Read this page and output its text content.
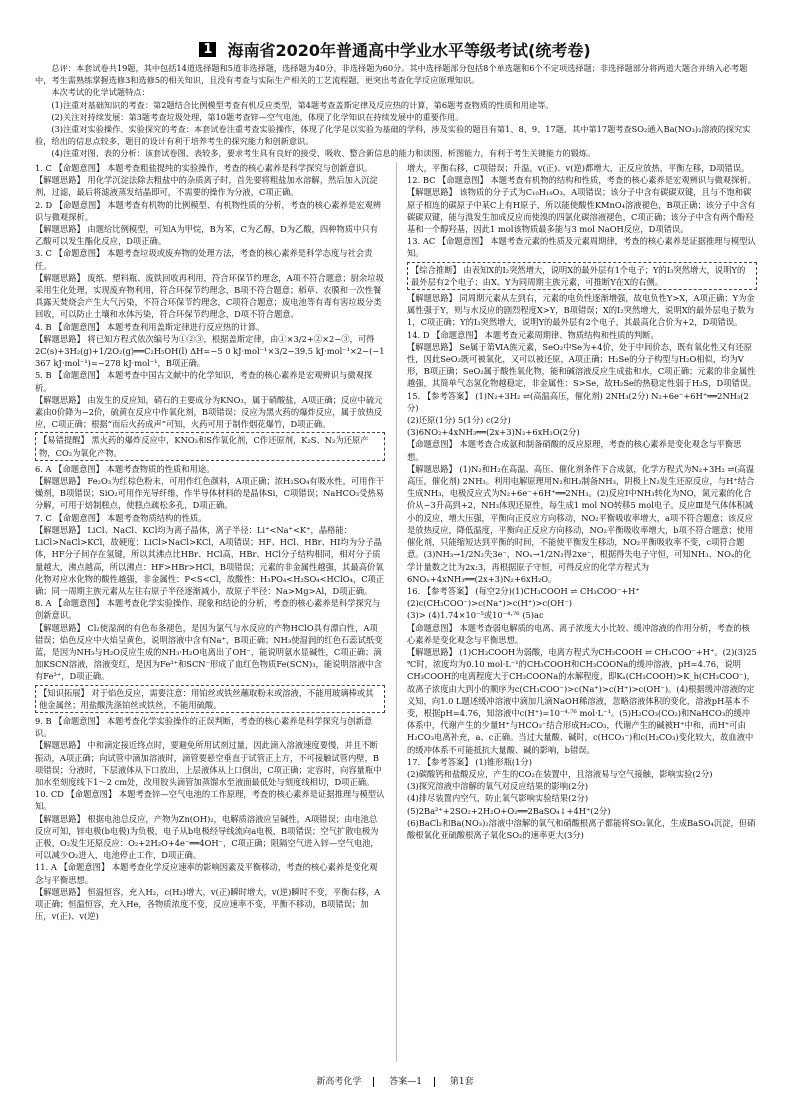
1 海南省2020年普通高中学业水平等级考试(统考卷)

总评：本套试卷共19题，其中包括14道选择题和5道非选择题，选择题为40分，非选择题为60分。其中选择题部分包括8个单选题和6个不定项选择题；非选择题部分将两道大题合并纳入必考题中，考生需熟练掌握选修3和选修5的相关知识，且没有考查与实际生产相关的工艺流程题，更突出考查化学反应原理知识。

本次考试的化学试题特点：

(1)注重对基础知识的考查：第2题结合比例模型考查有机反应类型，第4题考查盖斯定律及反应热的计算，第6题考查物质的性质和用途等。

(2)关注对持续发展：第3题考查垃圾处理，第10题考查锌—空气电池，体现了化学知识在持续发展中的重要作用。

(3)注重对实验操作、实验探究的考查：本套试卷注重考查实验操作，体现了化学是以实验为基础的学科，涉及实验的题目有第1、8、9、17题，其中第17题考查SO₂通入Ba(NO₃)₂溶液的探究实验，给出的信息点较多，题目的设计有利于培养考生的探究能力和创新意识。

(4)注重对图、表的分析：该套试卷图、表较多，要求考生具有良好的接受、吸收、整合新信息的能力和读图、析图能力，有利于考生关键能力的锻炼。

1. C 【命题意图】 本题考查粗盐提纯的实验操作，考查的核心素养是科学探究与创新意识。

【解题思路】 用化学沉淀法除去粗盐中的杂质离子时，首先要将粗盐加水溶解，然后加入沉淀剂，过滤，最后将滤液蒸发结晶即可，不需要的操作为分液，C项正确。

2. D 【命题意图】 本题考查有机物的比例模型、有机物性质的分析，考查的核心素养是宏观辨识与微观探析。

【解题思路】 由题给比例模型，可知A为甲烷，B为苯，C为乙醇，D为乙酸，四种物质中只有乙酸可以发生酯化反应，D项正确。

3. C 【命题意图】 本题考查垃圾或废弃物的处理方法，考查的核心素养是科学态度与社会责任。

【解题思路】 废纸、塑料瓶、废铁回收再利用，符合环保节约理念，A项不符合题意；厨余垃圾采用生化处理，实现废弃物利用，符合环保节约理念，B项不符合题意；稻草、农膜和一次性餐具露天焚烧会产生大气污染，不符合环保节约理念，C项符合题意；废电池等有毒有害垃圾分类回收，可以防止土壤和水体污染，符合环保节约理念，D项不符合题意。

4. B 【命题意图】 本题考查利用盖斯定律进行反应热的计算。

【解题思路】 将已知方程式依次编号为①②③，根据盖斯定律，由①×3/2+②×2−③，可得2C(s)+3H₂(g)+1/2O₂(g)══C₂H₅OH(l) ΔH=−5 0 kJ·mol⁻¹×3/2−39.5 kJ·mol⁻¹×2−(−1 367 kJ·mol⁻¹)=−278 kJ·mol⁻¹，B项正确。

5. B 【命题意图】 本题考查中国古文献中的化学知识，考查的核心素养是宏观辨识与微观探析。

【解题思路】 由发生的反应知，硝石的主要成分为KNO₃，属于硝酸盐，A项正确；反应中硫元素由0价降为−2价，硫黄在反应中作氧化剂，B项错误；反应为黑火药的爆炸反应，属于放热反应，C项正确；根据“而后火药成声”可知，火药可用于制作烟花爆竹，D项正确。

【易错提醒】 黑火药的爆炸反应中，KNO₃和S作氧化剂，C作还原剂，K₂S、N₂为还原产物，CO₂为氧化产物。

6. A 【命题意图】 本题考查物质的性质和用途。

【解题思路】 Fe₂O₃为红棕色粉末，可用作红色颜料，A项正确；浓H₂SO₄有吸水性，可用作干燥剂，B项错误；SiO₂可用作光导纤维，作半导体材料的是晶体Si，C项错误；NaHCO₃受热易分解，可用于焙制糕点，使糕点疏松多孔，D项正确。

7. C 【命题意图】 本题考查物质结构的性质。

【解题思路】 LiCl、NaCl、KCl均为离子晶体，离子半径：Li⁺<Na⁺<K⁺，晶格能：LiCl>NaCl>KCl，故硬度：LiCl>NaCl>KCl，A项错误；HF、HCl、HBr、HI均为分子晶体，HF分子间存在氢键，所以其沸点比HBr、HCl高，HBr、HCl分子结构相同，相对分子质量越大，沸点越高，所以沸点：HF>HBr>HCl，B项错误；元素的非金属性越强，其最高价氧化物对应水化物的酸性越强，非金属性：P<S<Cl，故酸性：H₃PO₄<H₂SO₄<HClO₄，C项正确；同一周期主族元素从左往右原子半径逐渐减小，故原子半径：Na>Mg>Al，D项正确。

8. A 【命题意图】 本题考查化学实验操作、现象和结论的分析，考查的核心素养是科学探究与创新意识。

【解题思路】 Cl₂使湿润的有色布条褪色，是因为氯气与水反应的产物HClO具有漂白性，A项错误；焰色反应中火焰呈黄色，说明溶液中含有Na⁺，B项正确；NH₃使湿润的红色石蕊试纸变蓝，是因为NH₃与H₂O反应生成的NH₃·H₂O电离出了OH⁻，能说明氨水显碱性，C项正确；滴加KSCN溶液，溶液变红，是因为Fe³⁺和SCN⁻形成了血红色物质Fe(SCN)₃，能说明溶液中含有Fe³⁺，D项正确。

【知识拓展】 对于焰色反应，需要注意：用铂丝或铁丝蘸取粉末或溶液，不能用玻璃棒或其他金属丝；用盐酸洗涤铂丝或铁丝，不能用硫酸。

9. B 【命题意图】 本题考查化学实验操作的正误判断，考查的核心素养是科学探究与创新意识。

【解题思路】 中和滴定接近终点时，要避免所用试剂过量，因此滴入溶液速度要慢，并且不断振动，A项正确；向试管中滴加溶液时，滴管要悬空垂直于试管正上方，不可接触试管内壁，B项错误；分液时，下层液体从下口放出，上层液体从上口倒出，C项正确；定容时，向容量瓶中加水至刻度线下1～2 cm处，改用胶头滴管加蒸馏水至液面最低处与刻度线相切，D项正确。

10. CD 【命题意图】 本题考查锌—空气电池的工作原理，考查的核心素养是证据推理与模型认知。

【解题思路】 根据电池总反应，产物为Zn(OH)₂，电解质溶液应呈碱性，A项错误；由电池总反应可知，锌电极(b电极)为负极，电子从b电极经导线流向a电极，B项错误；空气扩散电极为正极，O₂发生还原反应：O₂+2H₂O+4e⁻══4OH⁻，C项正确；阻隔空气进入锌—空气电池，可以减少O₂进入，电池停止工作，D项正确。

11. A 【命题意图】 本题考查化学反应速率的影响因素及平衡移动，考查的核心素养是变化观念与平衡思想。

【解题思路】 恒温恒容，充入H₂，c(H₂)增大，v(正)瞬时增大，v(逆)瞬时不变，平衡右移，A项正确；恒温恒容，充入He，各物质浓度不变，反应速率不变，平衡不移动，B项错误；加压，v(正)、v(逆)

增大，平衡右移，C项错误；升温，v(正)、v(逆)都增大，正反应放热，平衡左移，D项错误。

12. BC 【命题意图】 本题考查有机物的结构和性质，考查的核心素养是宏观辨识与微观探析。

【解题思路】 该物质的分子式为C₁₀H₁₈O₃，A项错误；该分子中含有碳碳双键，且与不饱和碳原子相连的碳原子中某C上有H原子，所以能使酸性KMnO₄溶液褪色，B项正确；该分子中含有碳碳双键，能与溴发生加成反应而使溴的四氯化碳溶液褪色，C项正确；该分子中含有两个酚羟基和一个醇羟基，因此1 mol该物质最多能与3 mol NaOH反应，D项错误。

13. AC 【命题意图】 本题考查元素的性质及元素周期律，考查的核心素养是证据推理与模型认知。

【综合推断】 由表知X的I₂突然增大，说明X的最外层有1个电子；Y的I₃突然增大，说明Y的最外层有2个电子；由X、Y为同周期主族元素，可推断Y在X的右侧。

【解题思路】 同周期元素从左到右，元素的电负性逐渐增强，故电负性Y>X，A项正确；Y为金属性强于Y，则与水反应的剧烈程度X>Y，B项错误；X的I₂突然增大，说明X的最外层电子数为1，C项正确；Y的I₃突然增大，说明Y的最外层有2个电子，其最高化合价为+2，D项错误。

14. D 【命题意图】 本题考查元素周期律、物质结构和性质的判断。

【解题思路】 Se属于第ⅥA族元素，SeO₂中Se为+4价，处于中间价态，既有氧化性又有还原性，因此SeO₂既可被氧化，又可以被还原，A项正确；H₂Se的分子构型与H₂O相似，均为V形，B项正确；SeO₂属于酸性氧化物，能和碱溶液反应生成盐和水，C项正确；元素的非金属性越强，其简单气态氢化物越稳定，非金属性：S>Se，故H₂Se的热稳定性弱于H₂S，D项错误。

15. 【参考答案】 (1)N₂+3H₂ ⇌(高温高压，催化剂) 2NH₃(2分) N₂+6e⁻+6H⁺══2NH₃(2分)

(2)还原(1分) 5(1分) c(2分)

(3)6NO₂+4xNH₃══(2x+3)N₂+6xH₂O(2分)

【命题意图】 本题考查合成氨和制备硝酸的反应原理，考查的核心素养是变化观念与平衡思想。

【解题思路】 (1)N₂和H₂在高温、高压、催化剂条件下合成氨，化学方程式为N₂+3H₂ ⇌(高温高压，催化剂) 2NH₃。利用电解原理用N₂和H₂制备NH₃，阴极上N₂发生还原反应，与H⁺结合生成NH₃，电极反应式为N₂+6e⁻+6H⁺══2NH₃。(2)反应Ⅰ中NH₃转化为NO，氮元素的化合价从−3升高到+2，NH₃体现还原性，每生成1 mol NO转移5 mol电子。反应Ⅲ是气体体积减小的反应，增大压强，平衡向正反应方向移动，NO₂平衡吸收率增大，a项不符合题意；该反应是放热反应，降低温度，平衡向正反应方向移动，NO₂平衡吸收率增大，b项不符合题意；使用催化剂，只能缩短达到平衡的时间，不能使平衡发生移动，NO₂平衡吸收率不变，c项符合题意。(3)NH₃→1/2N₂失3e⁻，NOₓ→1/2N₂得2xe⁻，根据得失电子守恒，可知NH₃、NOₓ的化学计量数之比为2x:3，再根据原子守恒，可得反应的化学方程式为6NOₓ+4xNH₃══(2x+3)N₂+6xH₂O。

16. 【参考答案】 (每空2分)(1)CH₃COOH ⇌ CH₃COO⁻+H⁺

(2)c(CH₃COO⁻)>c(Na⁺)>c(H⁺)>c(OH⁻)

(3)> (4)1.74×10⁻⁵或10⁻⁴·⁷⁶ (5)ac

【命题意图】 本题考查弱电解质的电离、离子浓度大小比较、缓冲溶液的作用分析，考查的核心素养是变化观念与平衡思想。

【解题思路】 (1)CH₃COOH为弱酸，电离方程式为CH₃COOH ⇌ CH₃COO⁻+H⁺。(2)(3)25 ℃时，浓度均为0.10 mol·L⁻¹的CH₃COOH和CH₃COONa的缓冲溶液，pH=4.76，说明CH₃COOH的电离程度大于CH₃COONa的水解程度，即Kₐ(CH₃COOH)>K_h(CH₃COO⁻)，故离子浓度由大到小的顺序为c(CH₃COO⁻)>c(Na⁺)>c(H⁺)>c(OH⁻)。(4)根据缓冲溶液的定义知，向1.0 L题述缓冲溶液中滴加几滴NaOH稀溶液，忽略溶液体积的变化，溶液pH基本不变，根据pH=4.76，知溶液中c(H⁺)=10⁻⁴·⁷⁶ mol·L⁻¹。(5)H₂CO₃(CO₂)和NaHCO₃的缓冲体系中，代谢产生的少量H⁺与HCO₃⁻结合形成H₂CO₃，代谢产生的碱被H⁺中和，而H⁺可由H₂CO₃电离补充，a、c正确。当过大量酸、碱时，c(HCO₃⁻)和c(H₂CO₃)变化较大，故血液中的缓冲体系不可能抵抗大量酸、碱的影响，b错误。

17. 【参考答案】 (1)锥形瓶(1分)

(2)碳酸钙和盐酸反应，产生的CO₂在装置中，且溶液易与空气接触，影响实验(2分)

(3)探究溶液中溶解的氧气对反应结果的影响(2分)

(4)排尽装置内空气，防止氧气影响实验结果(2分)

(5)2Ba²⁺+2SO₂+2H₂O+O₂══2BaSO₄↓+4H⁺(2分)

(6)BaCl₂和Ba(NO₃)₂溶液中溶解的氧气和硝酸根离子都能将SO₂氧化，生成BaSO₄沉淀，但硝酸根氧化亚硫酸根离子氧化SO₂的速率更大(3分)

新高考化学	答案—1	第1套
